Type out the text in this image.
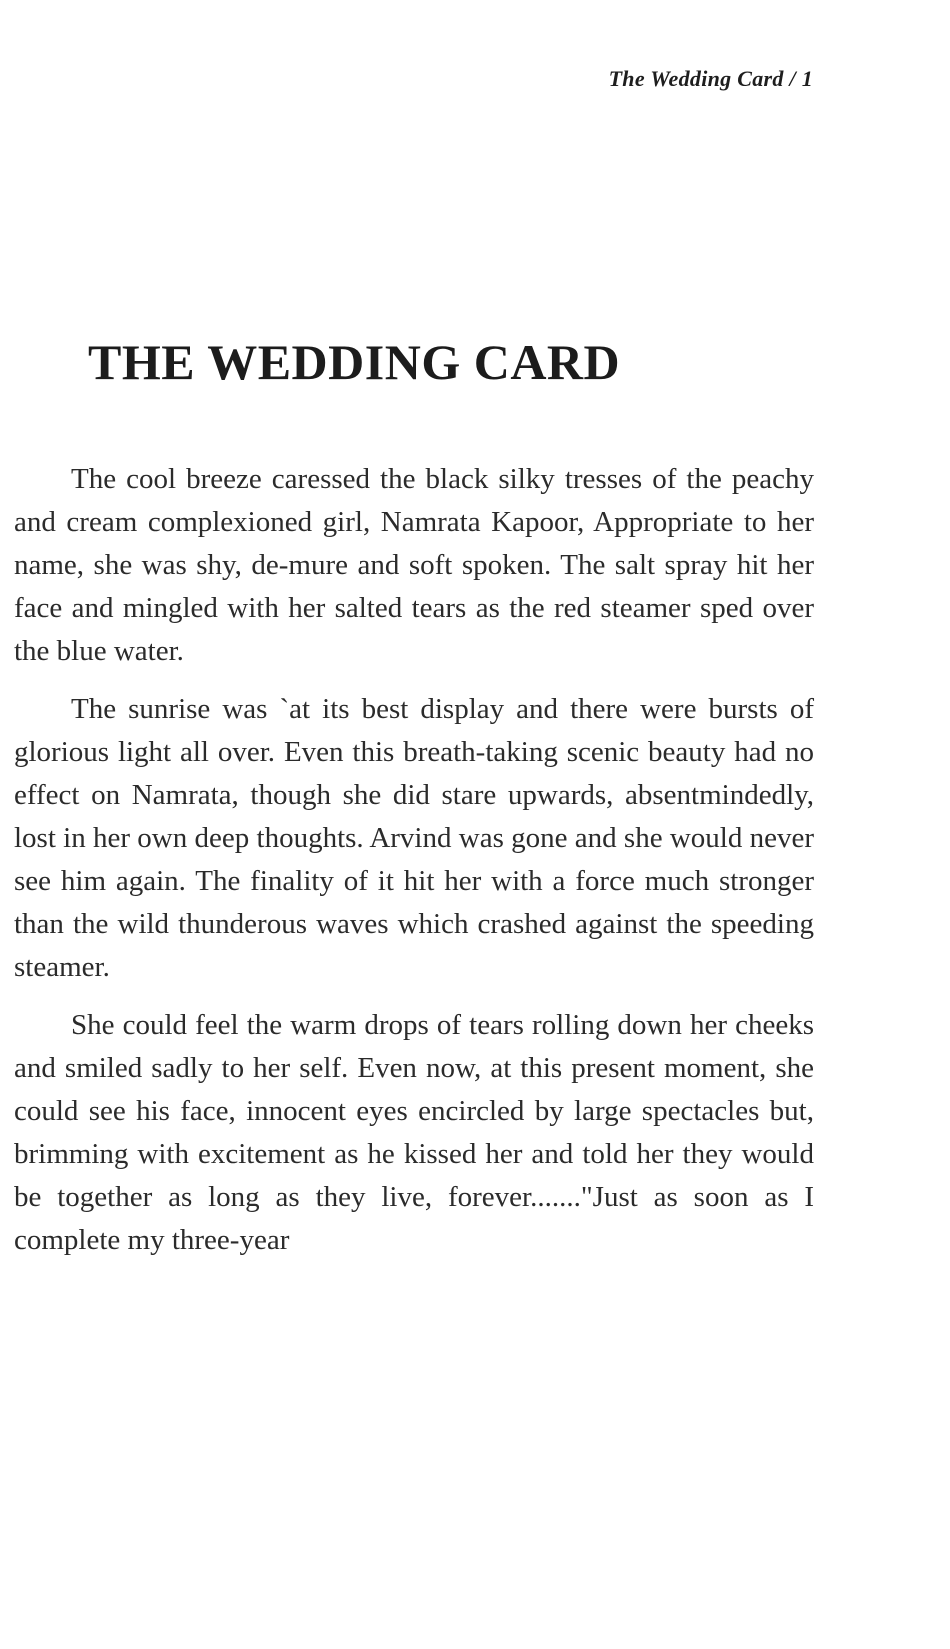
The Wedding Card / 1
THE WEDDING CARD

The cool breeze caressed the black silky tresses of the peachy and cream complexioned girl, Namrata Kapoor, Appropriate to her name, she was shy, de-mure and soft spoken. The salt spray hit her face and mingled with her salted tears as the red steamer sped over the blue water.

The sunrise was `at its best display and there were bursts of glorious light all over. Even this breath-taking scenic beauty had no effect on Namrata, though she did stare upwards, absentmindedly, lost in her own deep thoughts. Arvind was gone and she would never see him again. The finality of it hit her with a force much stronger than the wild thunderous waves which crashed against the speeding steamer.

She could feel the warm drops of tears rolling down her cheeks and smiled sadly to her self. Even now, at this present moment, she could see his face, innocent eyes encircled by large spectacles but, brimming with excitement as he kissed her and told her they would be together as long as they live, forever......."Just as soon as I complete my three-year
